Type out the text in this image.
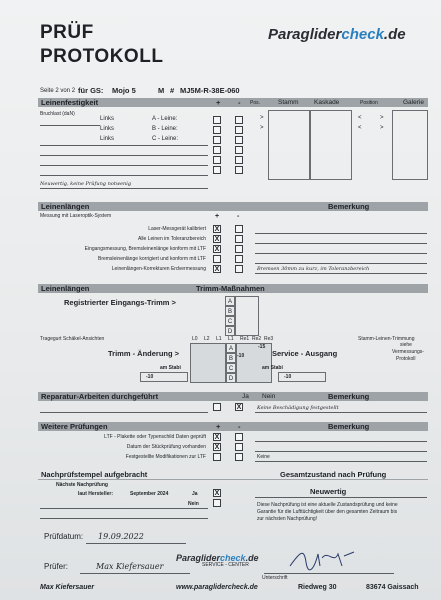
PRÜF
PROTOKOLL
Paraglidercheck.de
Seite 2 von 2 für GS: Mojo 5	M # MJ5M-R-38E-060
Leinenfestigkeit	+ - Pos.	Stamm Kaskade	Position	Galerie
Bruchlast (daN)
Links	A - Leine:
Links	B - Leine:
Links	C - Leine:
>
>
<	>
<	>
Neuwertig, keine Prüfung notwenig
Leinenlängen	Bemerkung
Messung mit Laseroptik-System	+	-
Laser-Messgerät kalibriert X
Alle Leinen im Toleranzbereich X
Eingangsmessung, Bremsleinenlänge konform mit LTF X
Bremsleinenlänge korrigiert und konform mit LTF
Leinenlängen-Korrekturen Erdvermessung X	Bremsen 30mm zu kurz, im Toleranzbereich
Leinenlängen	Trimm-Maßnahmen
Registrierter Eingangs-Trimm >	A
B
C
D
Tragegurt Schäkel-Ansichten	Stamm-Leinen-Trimmung
L0 L2 L1 L1 Re1 Re2 Re3
A
B
C
D
-10
-15
Trimm - Änderung >	Service - Ausgang
siehe
Vermessungs-
Protokoll
am Stabi
-10
am Stabi
-10
Reparatur-Arbeiten durchgeführt	Ja Nein	Bemerkung
X	Keine Beschädigung festgestellt
Weitere Prüfungen	+ -	Bemerkung
LTF - Plakette oder Typenschild Daten geprüft X
Datum der Stückprüfung vorhanden X
Festgestellte Modifikationen zur LTF	Keine
Nachprüfstempel aufgebracht	Gesamtzustand nach Prüfung
Nächste Nachprüfung
laut Hersteller:	September 2024	Ja X
Nein
Neuwertig
Diese Nachprüfung ist eine aktuelle Zustandsprüfung und keine
Garantie für die Lufttüchtigkeit über den gesamten Zeitraum bis
zur nächsten Nachprüfung!
Prüfdatum: 19.09.2022
Prüfer:	Max Kiefersauer
Paraglidercheck.de
SERVICE - CENTER
Unterschrift
Max Kiefersauer	www.paraglidercheck.de	Riedweg 30	83674 Gaissach
